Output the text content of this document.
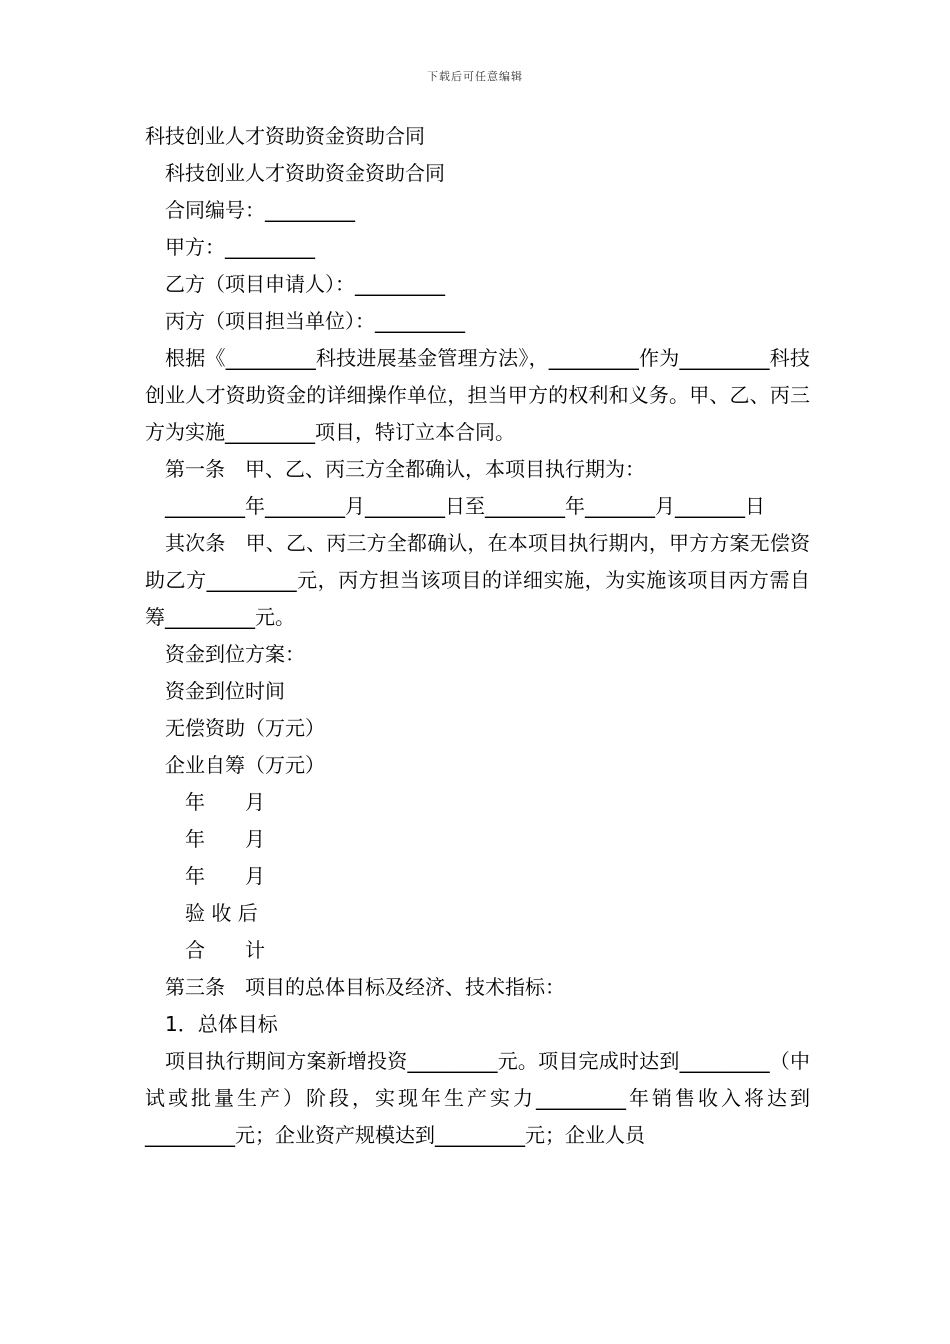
下载后可任意编辑

科技创业人才资助资金资助合同

科技创业人才资助资金资助合同

合同编号：_________

甲方：_________

乙方（项目申请人）：_________

丙方（项目担当单位）：_________

根据《_________科技进展基金管理方法》，_________作为_________科技创业人才资助资金的详细操作单位，担当甲方的权利和义务。甲、乙、丙三方为实施_________项目，特订立本合同。

第一条　甲、乙、丙三方全都确认，本项目执行期为：

________年________月________日至________年_______月_______日

其次条　甲、乙、丙三方全都确认，在本项目执行期内，甲方方案无偿资助乙方_________元，丙方担当该项目的详细实施，为实施该项目丙方需自筹_________元。

资金到位方案：

资金到位时间

无偿资助（万元）

企业自筹（万元）

年　　月

年　　月

年　　月

验 收 后

合　　计

第三条　项目的总体目标及经济、技术指标：

1．总体目标

项目执行期间方案新增投资_________元。项目完成时达到_________（中试或批量生产）阶段，实现年生产实力_________年销售收入将达到_________元；企业资产规模达到_________元；企业人员
